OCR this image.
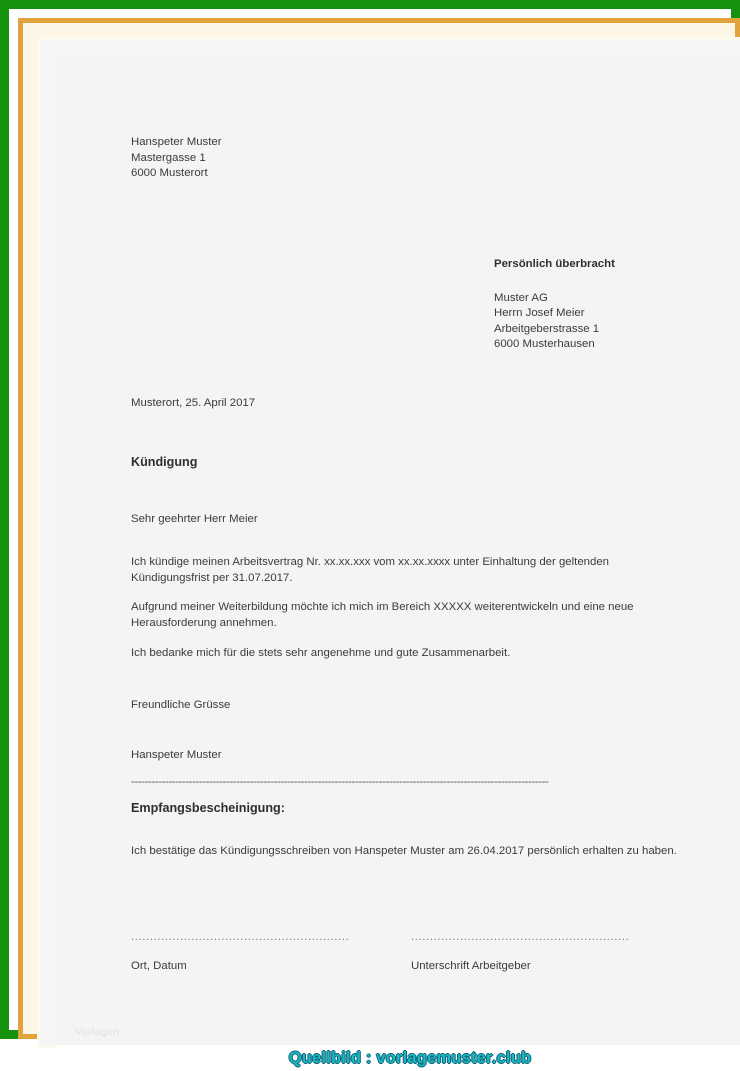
Hanspeter Muster
Mastergasse 1
6000 Musterort
Persönlich überbracht
Muster AG
Herrn Josef Meier
Arbeitgeberstrasse 1
6000 Musterhausen
Musterort, 25. April 2017
Kündigung
Sehr geehrter Herr Meier
Ich kündige meinen Arbeitsvertrag Nr. xx.xx.xxx vom xx.xx.xxxx unter Einhaltung der geltenden Kündigungsfrist per 31.07.2017.
Aufgrund meiner Weiterbildung möchte ich mich im Bereich XXXXX weiterentwickeln und eine neue Herausforderung annehmen.
Ich bedanke mich für die stets sehr angenehme und gute Zusammenarbeit.
Freundliche Grüsse
Hanspeter Muster
---------------------------------------------------------------------------------------------------------------------------
Empfangsbescheinigung:
Ich bestätige das Kündigungsschreiben von Hanspeter Muster am 26.04.2017 persönlich erhalten zu haben.
..........................................................
Ort, Datum
..........................................................
Unterschrift Arbeitgeber
Vorlagen
Quellbild : vorlagemuster.club
